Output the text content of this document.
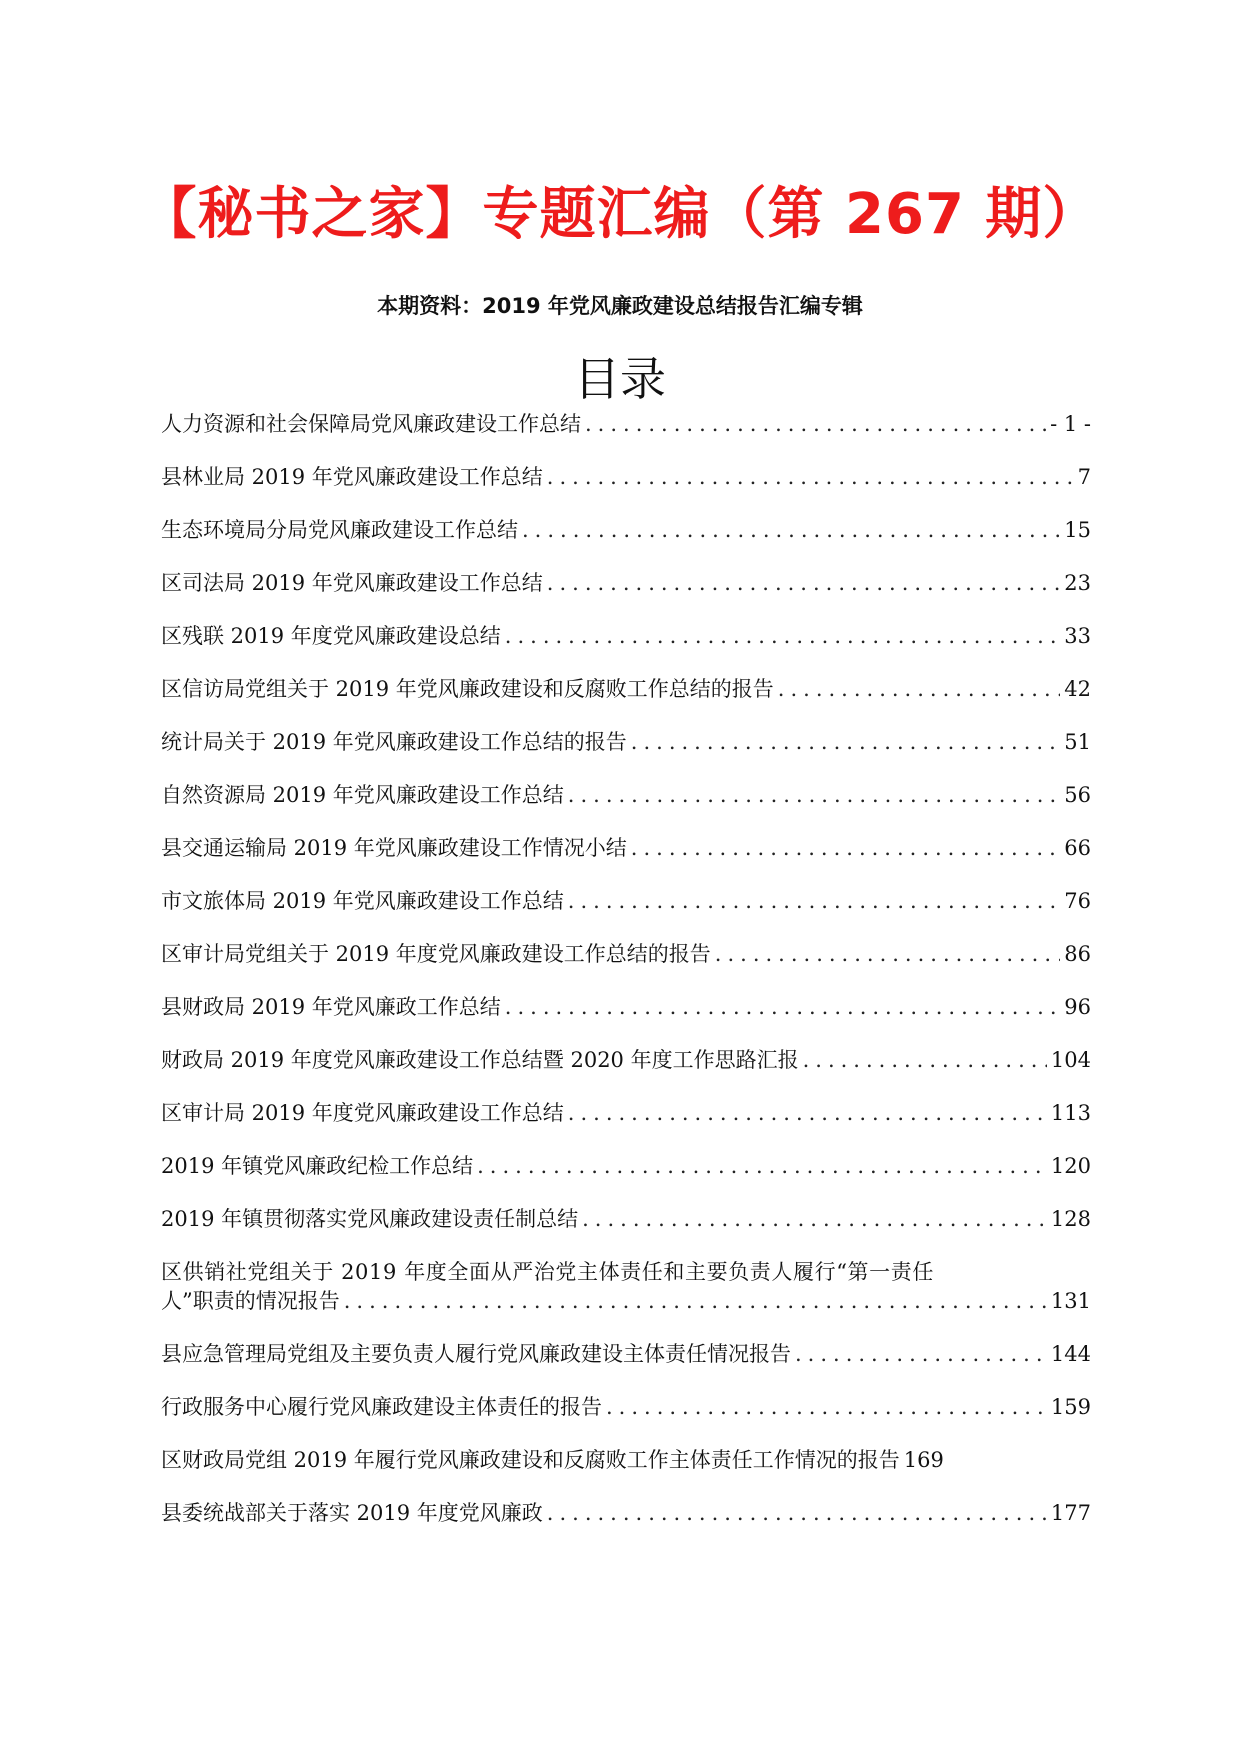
【秘书之家】专题汇编（第 267 期）
本期资料：2019 年党风廉政建设总结报告汇编专辑
目录
人力资源和社会保障局党风廉政建设工作总结 .....	- 1 -
县林业局 2019 年党风廉政建设工作总结 .....	7
生态环境局分局党风廉政建设工作总结 .....	15
区司法局 2019 年党风廉政建设工作总结 .....	23
区残联 2019 年度党风廉政建设总结 .....	33
区信访局党组关于 2019 年党风廉政建设和反腐败工作总结的报告 .....	42
统计局关于 2019 年党风廉政建设工作总结的报告 .....	51
自然资源局 2019 年党风廉政建设工作总结 .....	56
县交通运输局 2019 年党风廉政建设工作情况小结 .....	66
市文旅体局 2019 年党风廉政建设工作总结 .....	76
区审计局党组关于 2019 年度党风廉政建设工作总结的报告 .....	86
县财政局 2019 年党风廉政工作总结 .....	96
财政局 2019 年度党风廉政建设工作总结暨 2020 年度工作思路汇报 .....	104
区审计局 2019 年度党风廉政建设工作总结 .....	113
2019 年镇党风廉政纪检工作总结 .....	120
2019 年镇贯彻落实党风廉政建设责任制总结 .....	128
区供销社党组关于 2019 年度全面从严治党主体责任和主要负责人履行“第一责任
人”职责的情况报告 .....	131
县应急管理局党组及主要负责人履行党风廉政建设主体责任情况报告 .....	144
行政服务中心履行党风廉政建设主体责任的报告 .....	159
区财政局党组 2019 年履行党风廉政建设和反腐败工作主体责任工作情况的报告 169
县委统战部关于落实 2019 年度党风廉政 .....	177
